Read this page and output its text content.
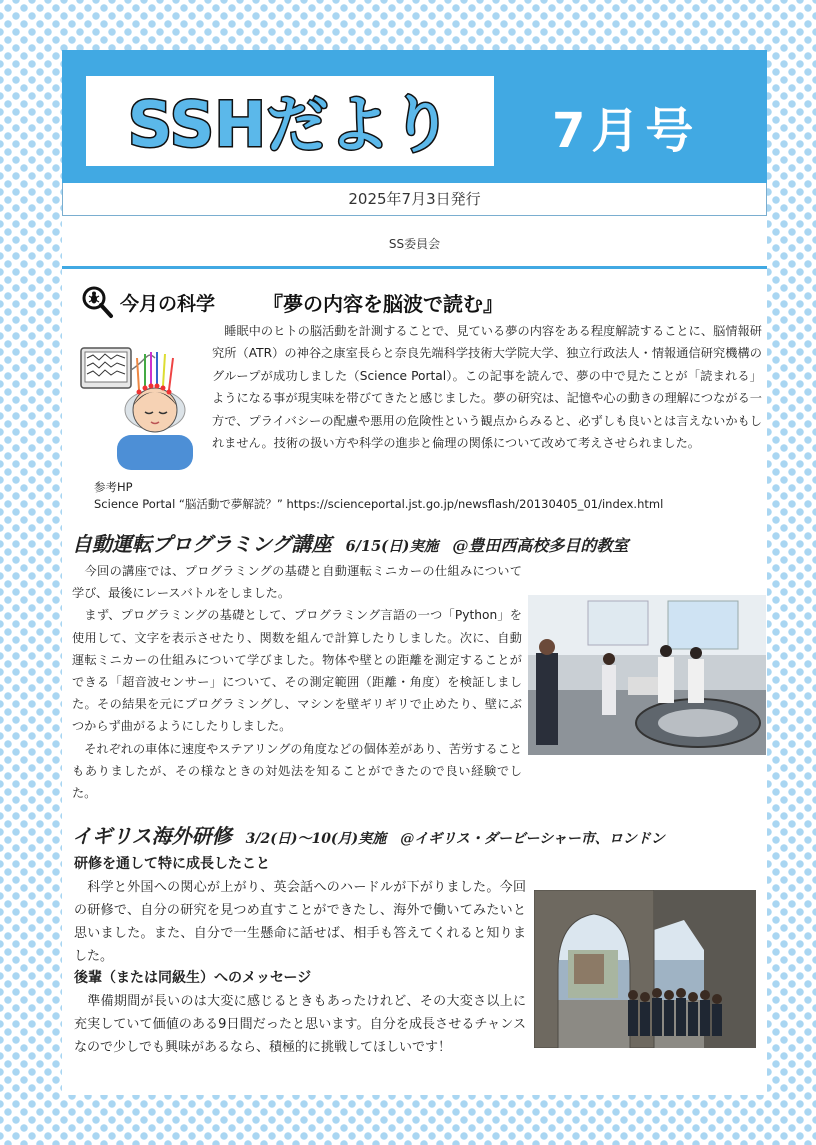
SSHだより 7月号
2025年7月3日発行
SS委員会
今月の科学 『夢の内容を脳波で読む』

　睡眠中のヒトの脳活動を計測することで、見ている夢の内容をある程度解読することに、脳情報研究所（ATR）の神谷之康室長らと奈良先端科学技術大学院大学、独立行政法人・情報通信研究機構のグループが成功しました（Science Portal）。この記事を読んで、夢の中で見たことが「読まれる」ようになる事が現実味を帯びてきたと感じました。夢の研究は、記憶や心の動きの理解につながる一方で、プライバシーの配慮や悪用の危険性という観点からみると、必ずしも良いとは言えないかもしれません。技術の扱い方や科学の進歩と倫理の関係について改めて考えさせられました。

参考HP
Science Portal “脳活動で夢解読？” https://scienceportal.jst.go.jp/newsflash/20130405_01/index.html
自動運転プログラミング講座 6/15(日)実施 @豊田西高校多目的教室

　今回の講座では、プログラミングの基礎と自動運転ミニカーの仕組みについて学び、最後にレースバトルをしました。
　まず、プログラミングの基礎として、プログラミング言語の一つ「Python」を使用して、文字を表示させたり、関数を組んで計算したりしました。次に、自動運転ミニカーの仕組みについて学びました。物体や壁との距離を測定することができる「超音波センサー」について、その測定範囲（距離・角度）を検証しました。その結果を元にプログラミングし、マシンを壁ギリギリで止めたり、壁にぶつからず曲がるようにしたりしました。
　それぞれの車体に速度やステアリングの角度などの個体差があり、苦労することもありましたが、その様なときの対処法を知ることができたので良い経験でした。

イギリス海外研修 3/2(日)～10(月)実施 @イギリス・ダービーシャー市、ロンドン
研修を通して特に成長したこと

　科学と外国への関心が上がり、英会話へのハードルが下がりました。今回の研修で、自分の研究を見つめ直すことができたし、海外で働いてみたいと思いました。また、自分で一生懸命に話せば、相手も答えてくれると知りました。

後輩（または同級生）へのメッセージ

　準備期間が長いのは大変に感じるときもあったけれど、その大変さ以上に充実していて価値のある9日間だったと思います。自分を成長させるチャンスなので少しでも興味があるなら、積極的に挑戦してほしいです！
